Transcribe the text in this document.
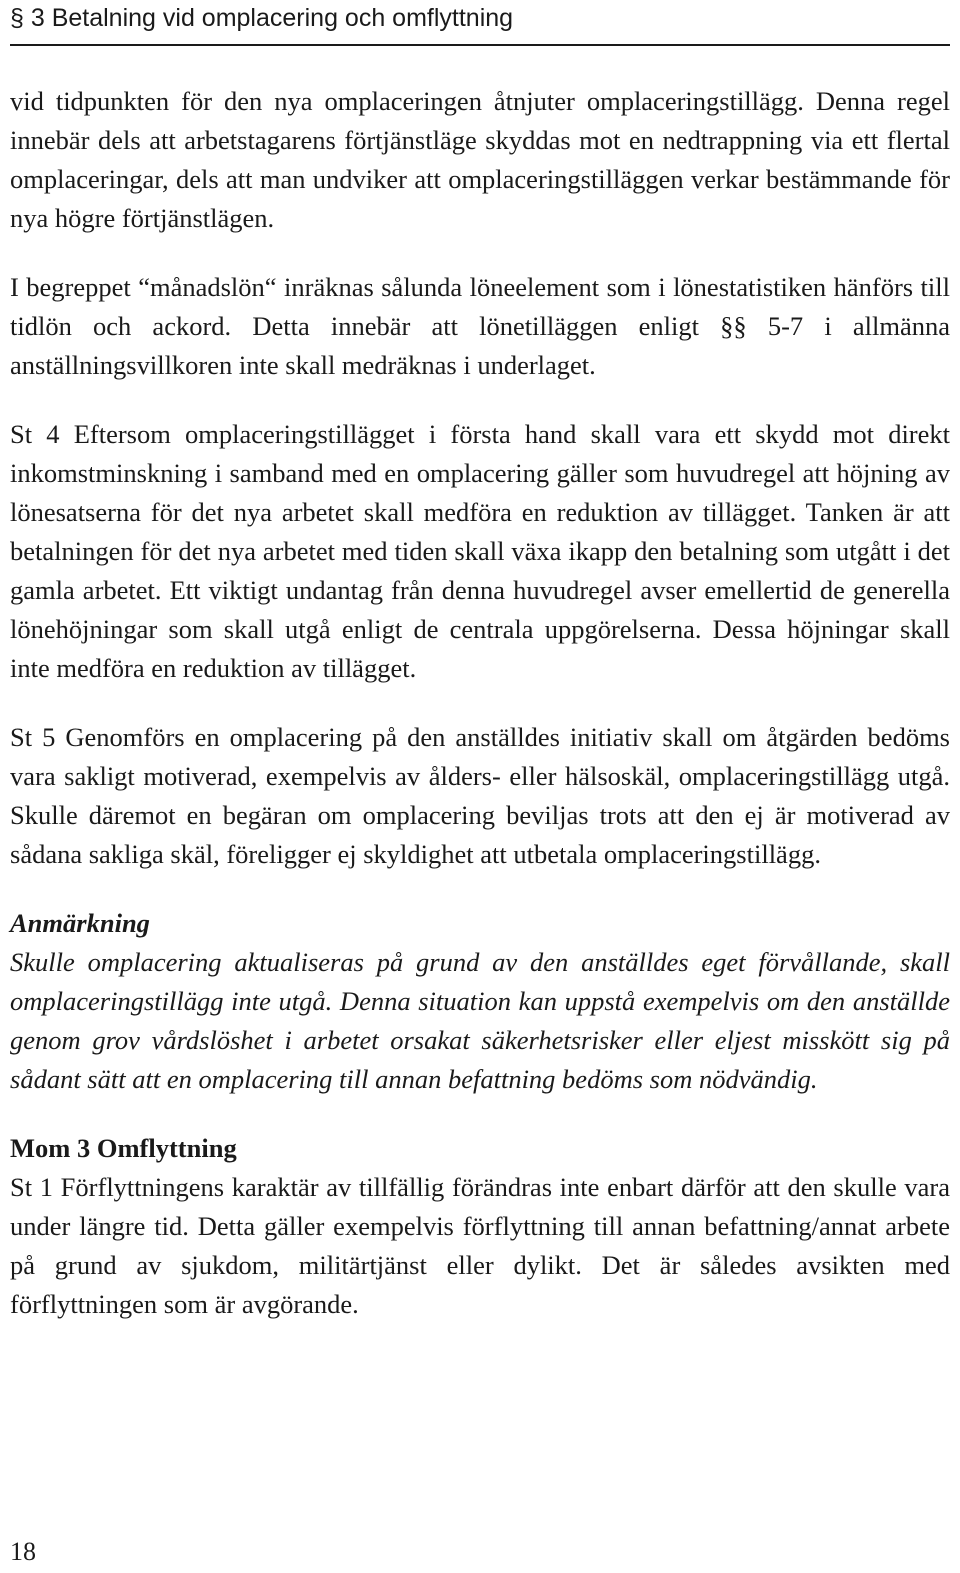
§ 3 Betalning vid omplacering och omflyttning

vid tidpunkten för den nya omplaceringen åtnjuter omplaceringstillägg. Denna regel innebär dels att arbetstagarens förtjänstläge skyddas mot en nedtrappning via ett flertal omplaceringar, dels att man undviker att omplaceringstilläggen verkar bestämmande för nya högre förtjänstlägen.

I begreppet “månadslön“ inräknas sålunda löneelement som i lönestatistiken hänförs till tidlön och ackord. Detta innebär att lönetilläggen enligt §§ 5-7 i allmänna anställningsvillkoren inte skall medräknas i underlaget.

St 4 Eftersom omplaceringstillägget i första hand skall vara ett skydd mot direkt inkomstminskning i samband med en omplacering gäller som huvudregel att höjning av lönesatserna för det nya arbetet skall medföra en reduktion av tillägget. Tanken är att betalningen för det nya arbetet med tiden skall växa ikapp den betalning som utgått i det gamla arbetet. Ett viktigt undantag från denna huvudregel avser emellertid de generella lönehöjningar som skall utgå enligt de centrala uppgörelserna. Dessa höjningar skall inte medföra en reduktion av tillägget.

St 5 Genomförs en omplacering på den anställdes initiativ skall om åtgärden bedöms vara sakligt motiverad, exempelvis av ålders- eller hälsoskäl, omplaceringstillägg utgå. Skulle däremot en begäran om omplacering beviljas trots att den ej är motiverad av sådana sakliga skäl, föreligger ej skyldighet att utbetala omplaceringstillägg.

Anmärkning

Skulle omplacering aktualiseras på grund av den anställdes eget förvållande, skall omplaceringstillägg inte utgå. Denna situation kan uppstå exempelvis om den anställde genom grov vårdslöshet i arbetet orsakat säkerhetsrisker eller eljest misskött sig på sådant sätt att en omplacering till annan befattning bedöms som nödvändig.

Mom 3 Omflyttning

St 1 Förflyttningens karaktär av tillfällig förändras inte enbart därför att den skulle vara under längre tid. Detta gäller exempelvis förflyttning till annan befattning/annat arbete på grund av sjukdom, militärtjänst eller dylikt. Det är således avsikten med förflyttningen som är avgörande.

18
